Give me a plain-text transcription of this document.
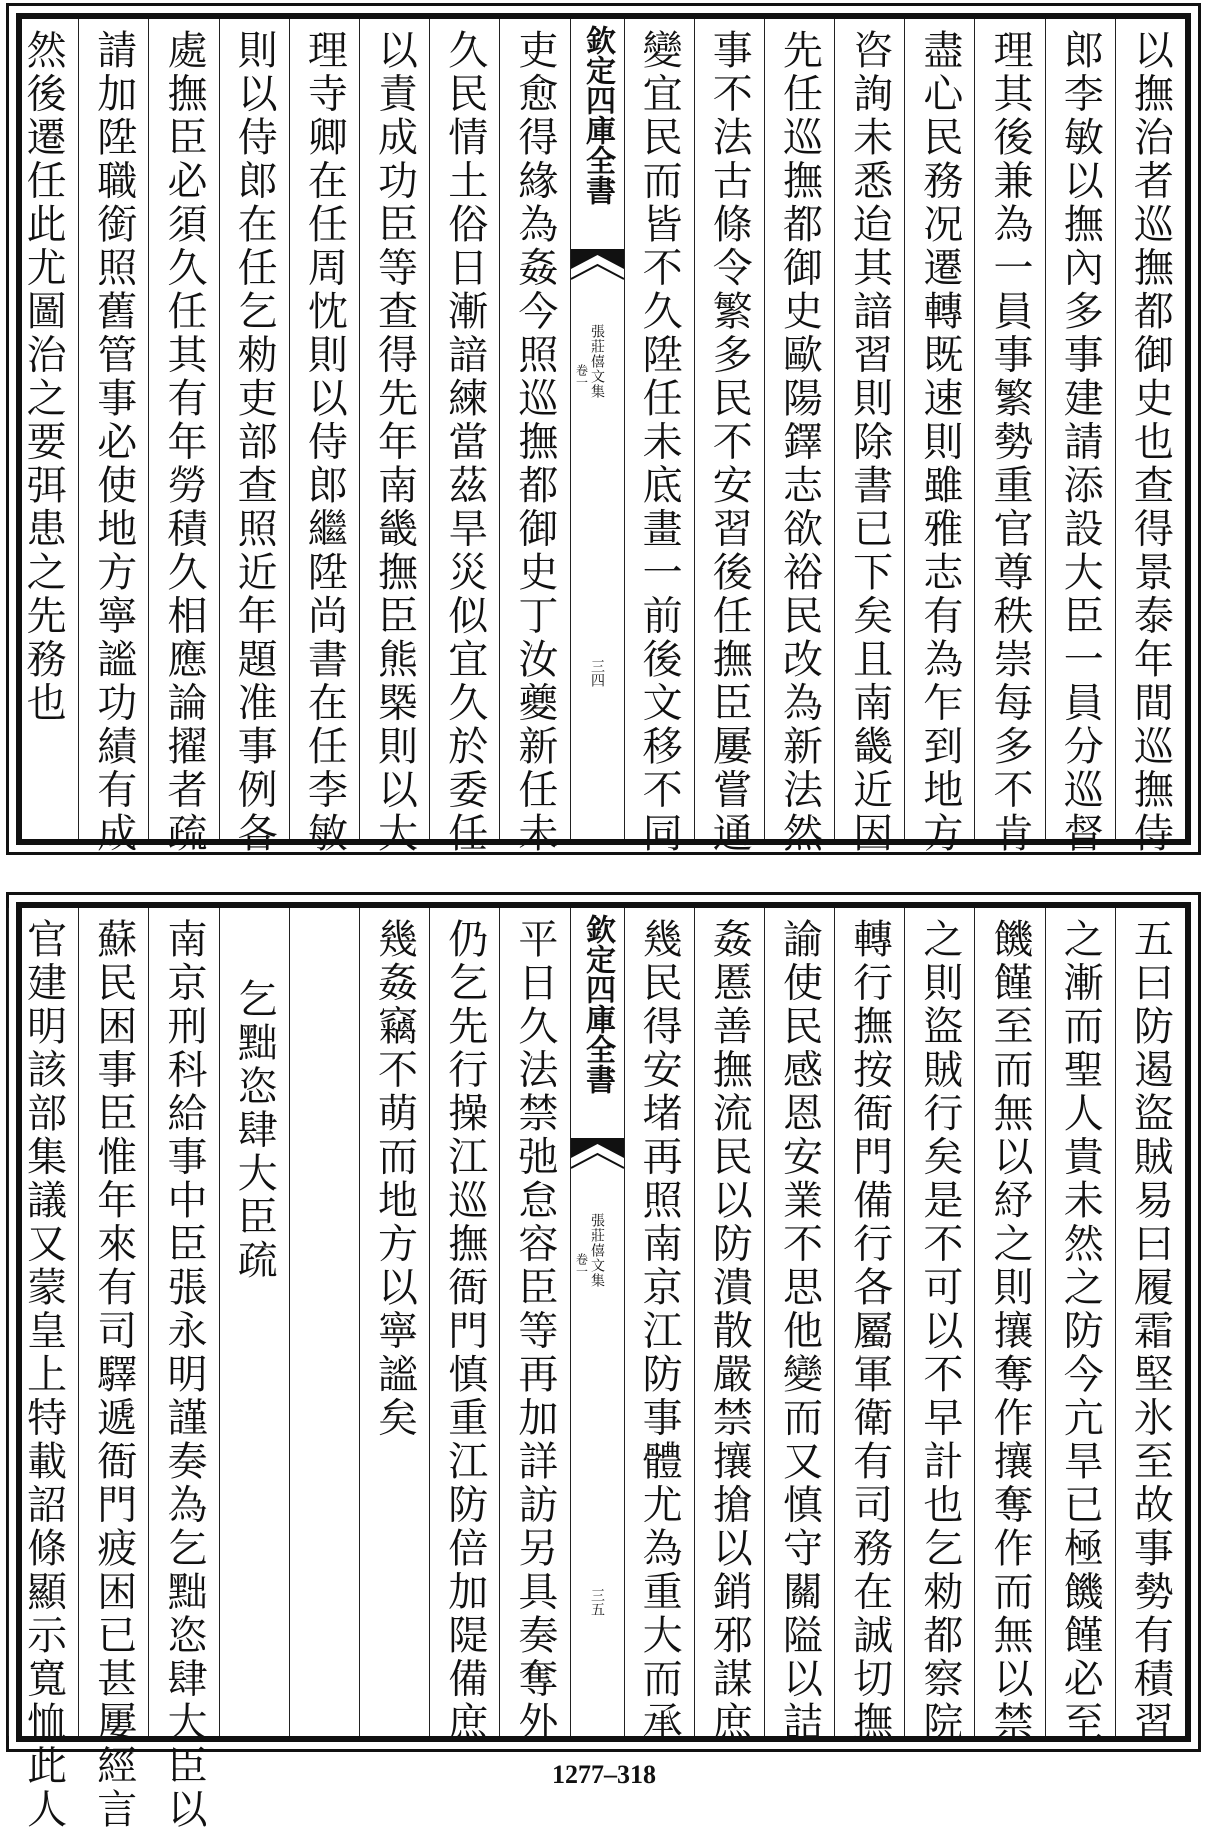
以撫治者巡撫都御史也查得景泰年間巡撫侍
郎李敏以撫內多事建請添設大臣一員分巡督
理其後兼為一員事繁勢重官尊秩崇每多不肯
盡心民務况遷轉既速則雖雅志有為乍到地方
咨詢未悉迨其諳習則除書已下矣且南畿近因
先任巡撫都御史歐陽鐸志欲裕民改為新法然
事不法古條令繁多民不安習後任撫臣屢嘗通
變宜民而皆不久陞任未底畫一前後文移不同
欽定四庫全書
張莊僖文集
卷一
三四
吏愈得緣為姦今照巡撫都御史丁汝夔新任未
久民情土俗日漸諳練當茲旱災似宜久於委任
以責成功臣等查得先年南畿撫臣熊槩則以大
理寺卿在任周忱則以侍郎繼陞尚書在任李敏
則以侍郎在任乞勑吏部查照近年題准事例各
處撫臣必須久任其有年勞積久相應論擢者疏
請加陞職銜照舊管事必使地方寧謐功績有成
然後遷任此尤圖治之要弭患之先務也
五曰防遏盜賊易曰履霜堅氷至故事勢有積習
之漸而聖人貴未然之防今亢旱已極饑饉必至
饑饉至而無以紓之則攘奪作攘奪作而無以禁
之則盜賊行矣是不可以不早計也乞勑都察院
轉行撫按衙門備行各屬軍衛有司務在誠切撫
諭使民感恩安業不思他變而又慎守關隘以詰
姦慝善撫流民以防潰散嚴禁攘搶以銷邪謀庶
幾民得安堵再照南京江防事體尤為重大而承
欽定四庫全書
張莊僖文集
卷一
三五
平日久法禁弛怠容臣等再加詳訪另具奏奪外
仍乞先行操江巡撫衙門慎重江防倍加隄備庶
幾姦竊不萌而地方以寧謐矣
乞黜恣肆大臣疏
南京刑科給事中臣張永明謹奏為乞黜恣肆大臣以
蘇民困事臣惟年來有司驛遞衙門疲困已甚屢經言
官建明該部集議又蒙皇上特載詔條顯示寬恤此人	1277–318
